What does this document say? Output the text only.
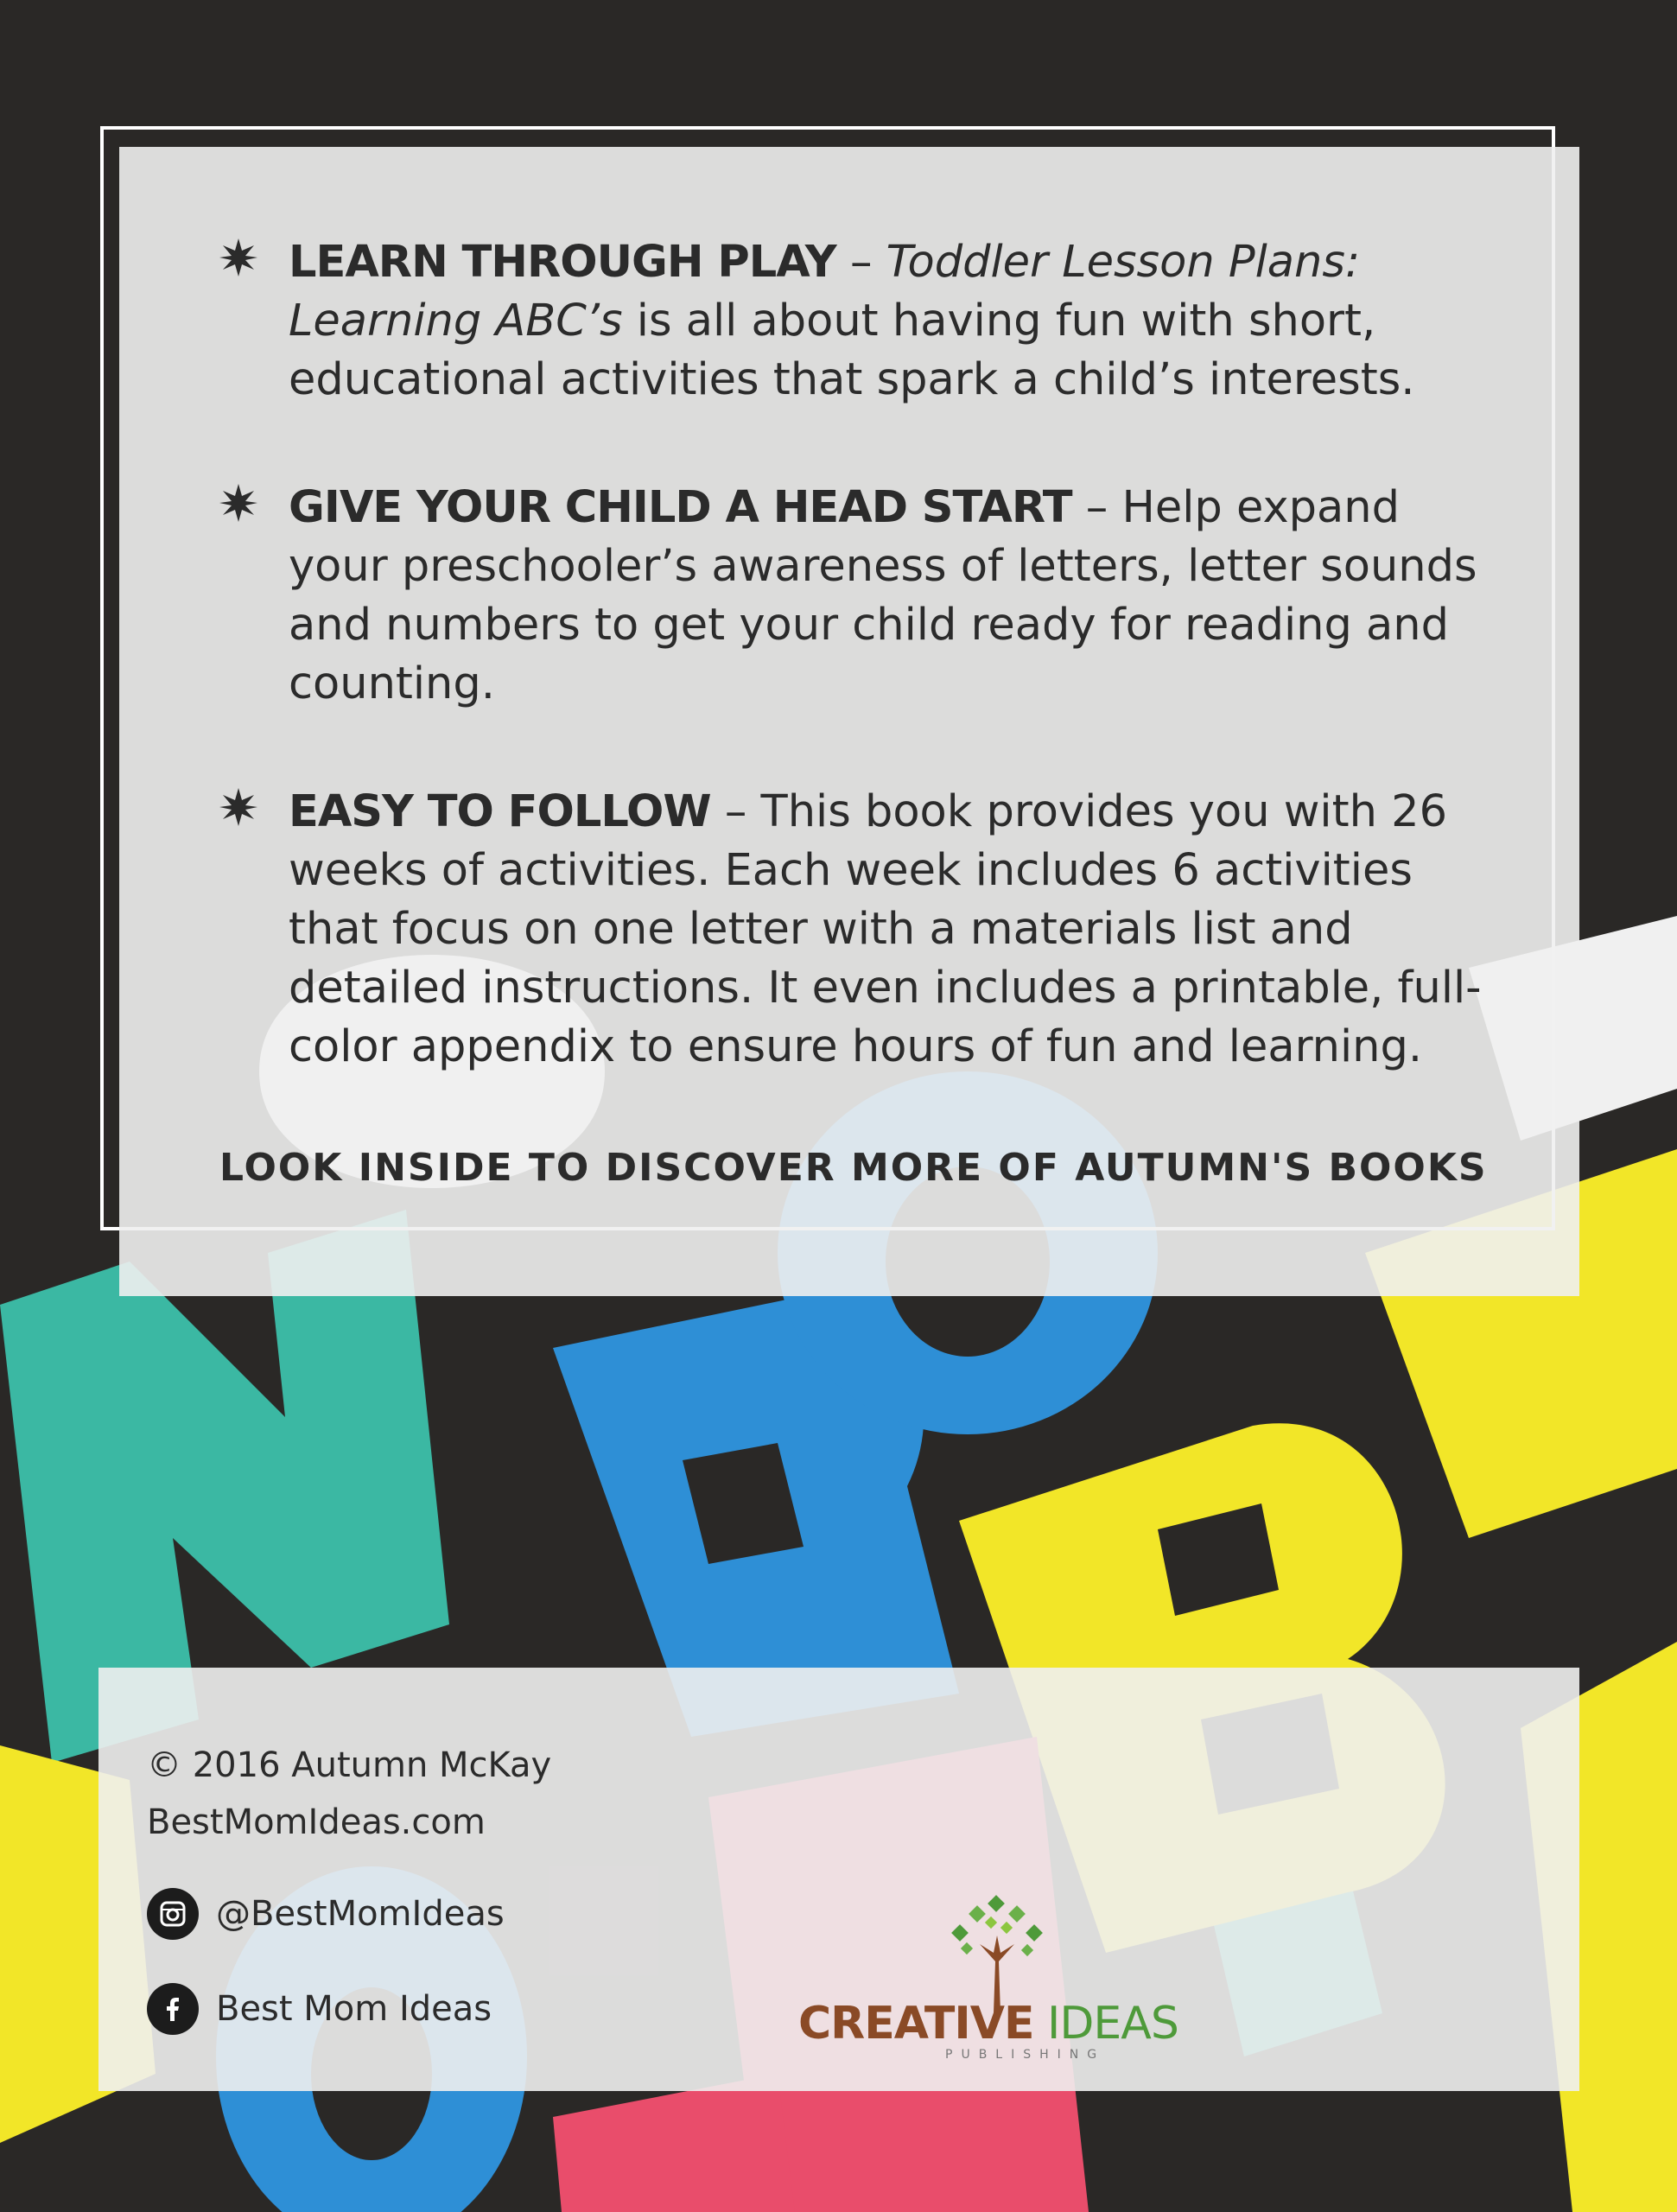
LEARN THROUGH PLAY – Toddler Lesson Plans: Learning ABC’s is all about having fun with short, educational activities that spark a child’s interests.

GIVE YOUR CHILD A HEAD START – Help expand your preschooler’s awareness of letters, letter sounds and numbers to get your child ready for reading and counting.

EASY TO FOLLOW – This book provides you with 26 weeks of activities. Each week includes 6 activities that focus on one letter with a materials list and detailed instructions. It even includes a printable, full-color appendix to ensure hours of fun and learning.

LOOK INSIDE TO DISCOVER MORE OF AUTUMN'S BOOKS
© 2016 Autumn McKay
BestMomIdeas.com
@BestMomIdeas
Best Mom Ideas	CREATIVE IDEAS
PUBLISHING
